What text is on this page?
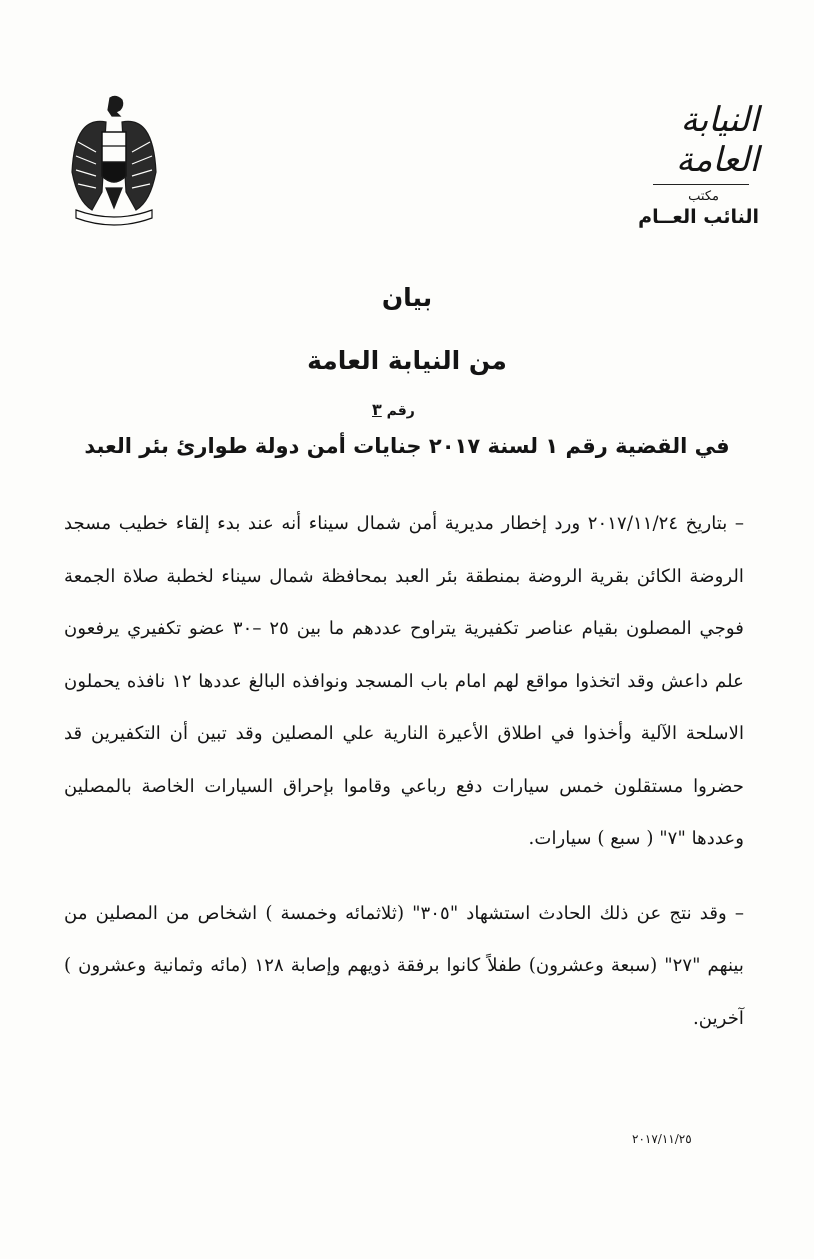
النيابة العامة
مكتب
النائب العــام
بيان
من النيابة العامة
رقم ٣
في القضية رقم ١ لسنة ٢٠١٧ جنايات أمن دولة طوارئ بئر العبد

– بتاريخ ٢٠١٧/١١/٢٤ ورد إخطار مديرية أمن شمال سيناء أنه عند بدء إلقاء خطيب مسجد الروضة الكائن بقرية الروضة بمنطقة بئر العبد بمحافظة شمال سيناء لخطبة صلاة الجمعة فوجي المصلون بقيام عناصر تكفيرية يتراوح عددهم ما بين ٢٥ –٣٠ عضو تكفيري يرفعون علم داعش وقد اتخذوا مواقع لهم امام باب المسجد ونوافذه البالغ عددها ١٢ نافذه يحملون الاسلحة الآلية وأخذوا في اطلاق الأعيرة النارية علي المصلين وقد تبين أن التكفيرين قد حضروا مستقلون خمس سيارات دفع رباعي وقاموا بإحراق السيارات الخاصة بالمصلين وعددها "٧" ( سبع ) سيارات.

– وقد نتج عن ذلك الحادث استشهاد "٣٠٥" (ثلاثمائه وخمسة ) اشخاص من المصلين من بينهم "٢٧" (سبعة وعشرون) طفلاً كانوا برفقة ذويهم وإصابة ١٢٨ (مائه وثمانية وعشرون ) آخرين.

٢٠١٧/١١/٢٥
